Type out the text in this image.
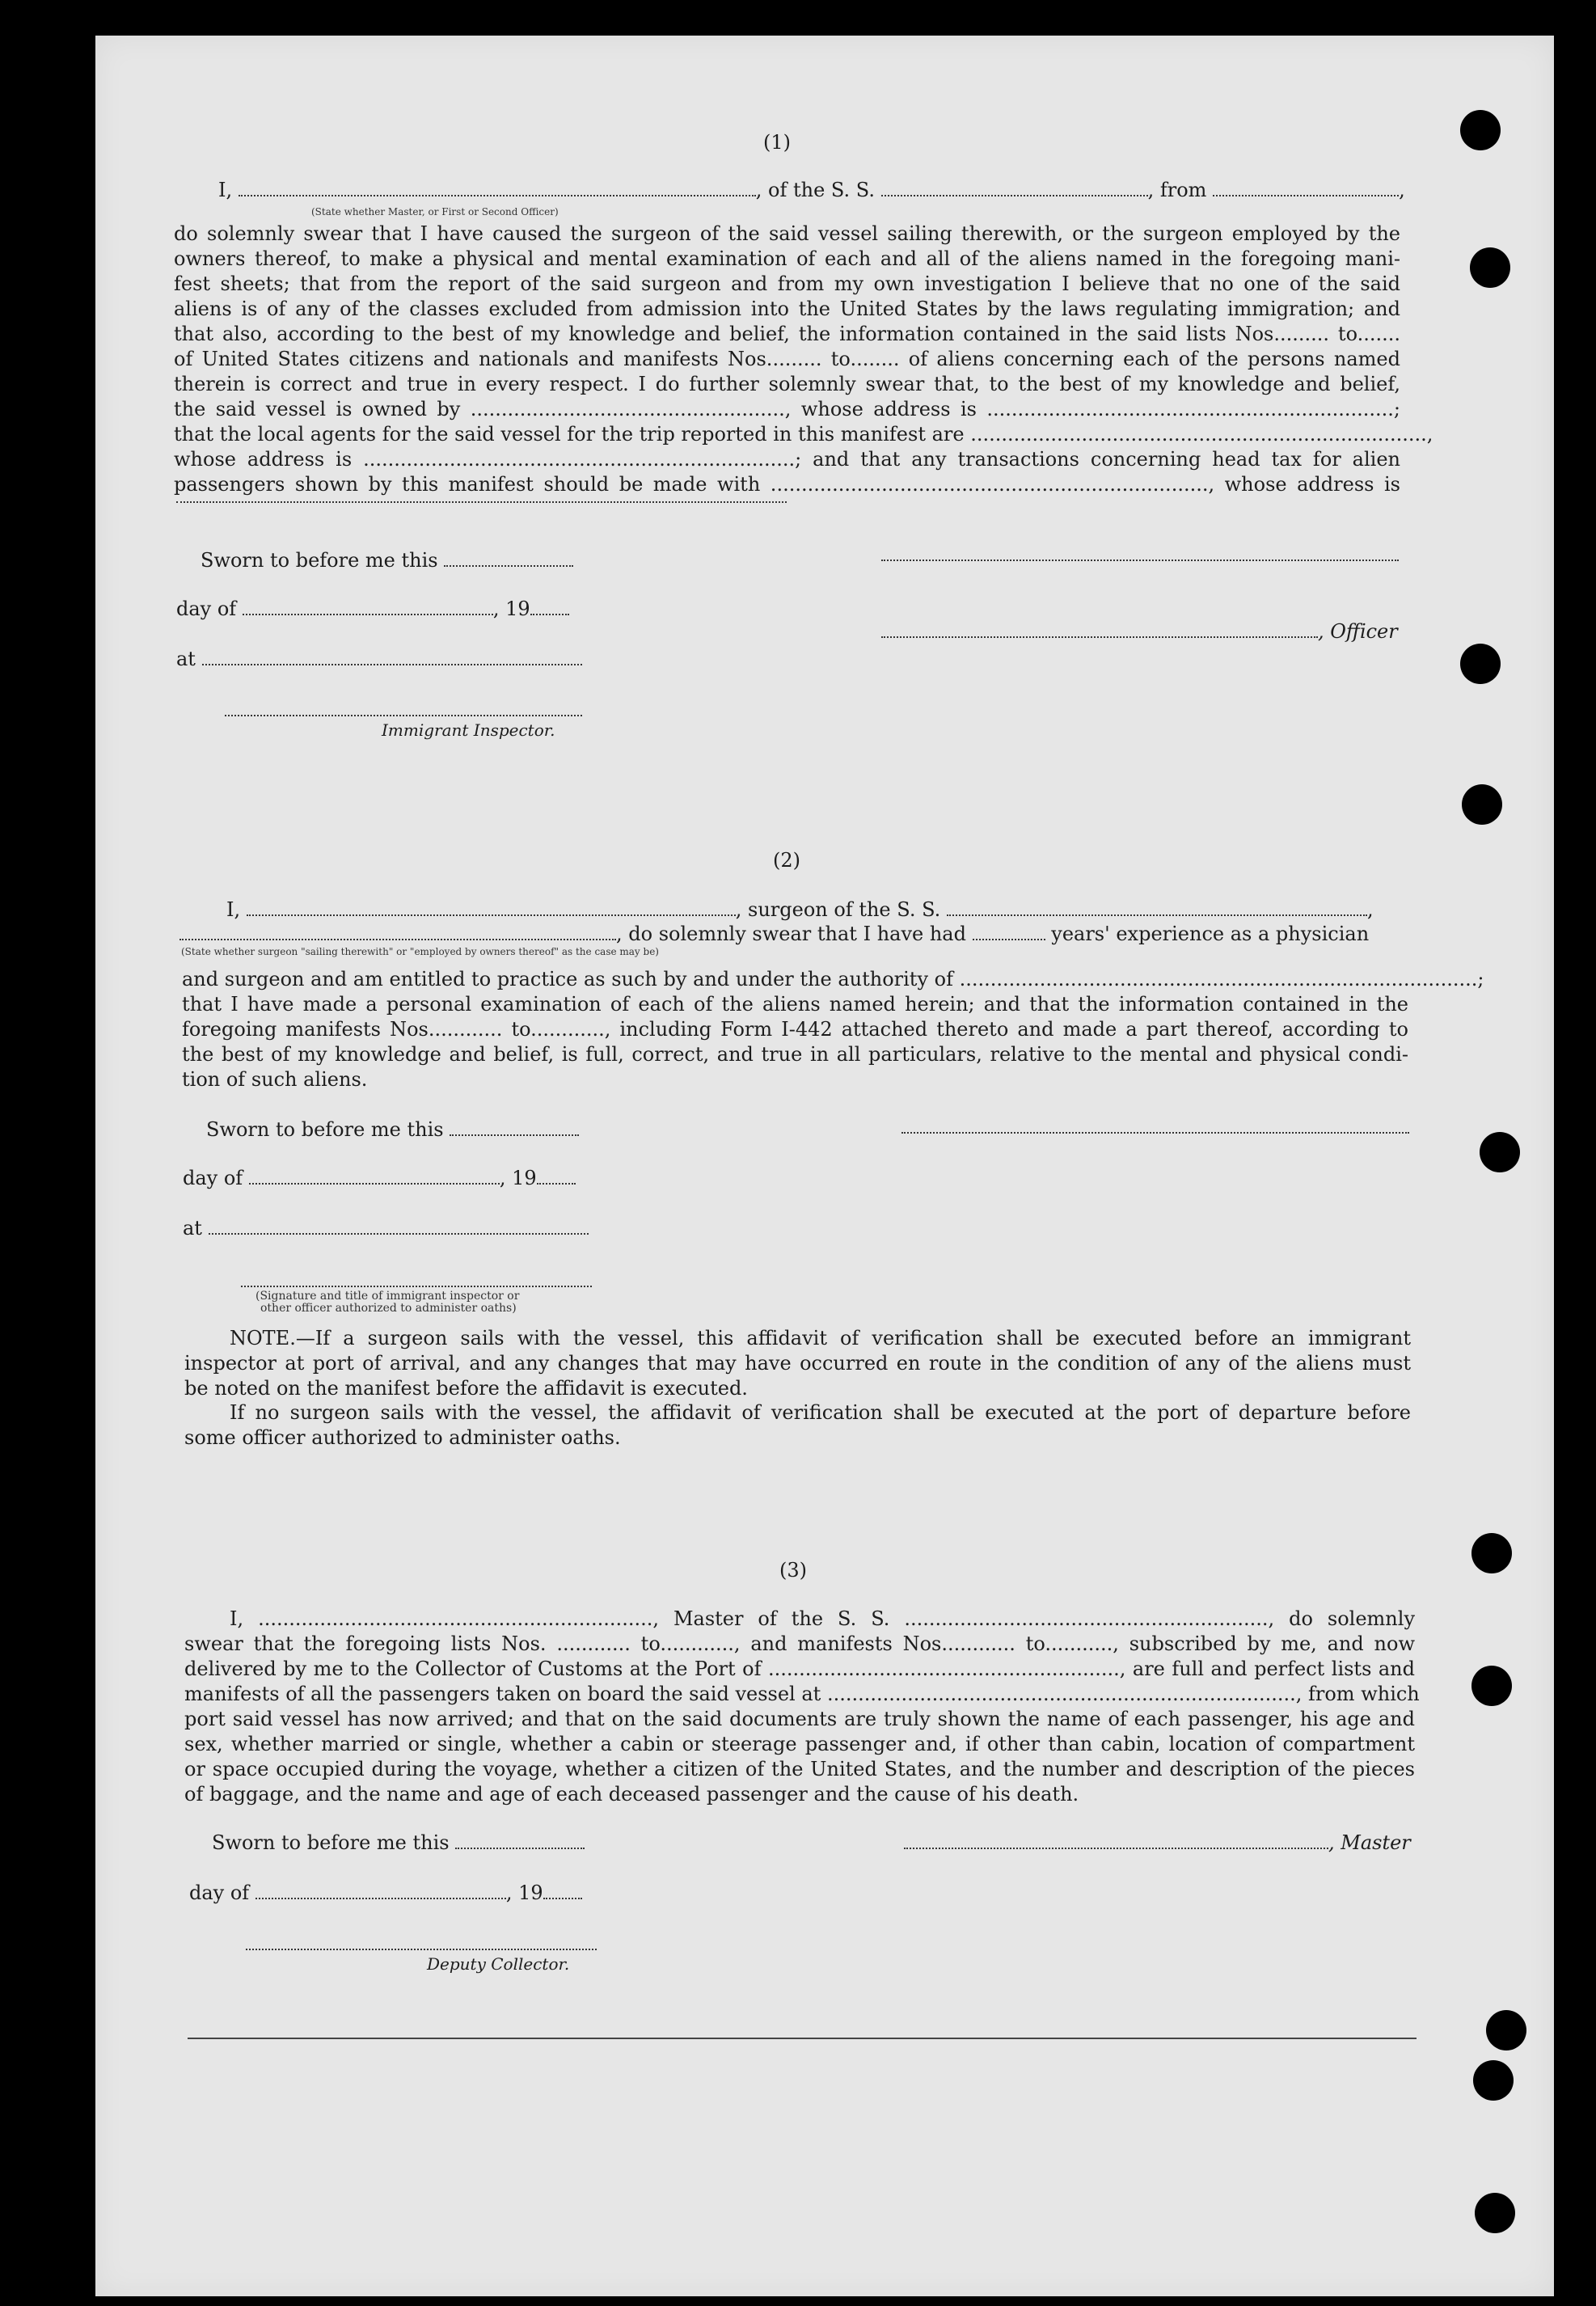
(1)
I,	, of the S. S.	, from	,
(State whether Master, or First or Second Officer)
do solemnly swear that I have caused the surgeon of the said vessel sailing therewith, or the surgeon employed by the
owners thereof, to make a physical and mental examination of each and all of the aliens named in the foregoing mani-
fest sheets; that from the report of the said surgeon and from my own investigation I believe that no one of the said
aliens is of any of the classes excluded from admission into the United States by the laws regulating immigration; and
that also, according to the best of my knowledge and belief, the information contained in the said lists Nos......... to.......
of United States citizens and nationals and manifests Nos......... to........ of aliens concerning each of the persons named
therein is correct and true in every respect. I do further solemnly swear that, to the best of my knowledge and belief,
the said vessel is owned by ..................................................., whose address is ..................................................................;
that the local agents for the said vessel for the trip reported in this manifest are ..........................................................................,
whose address is ......................................................................; and that any transactions concerning head tax for alien
passengers shown by this manifest should be made with ......................................................................., whose address is
Sworn to before me this
day of	, 19
, Officer
at
Immigrant Inspector.
(2)
I,	, surgeon of the S. S.	,
, do solemnly swear that I have had	years' experience as a physician
(State whether surgeon "sailing therewith" or "employed by owners thereof" as the case may be)
and surgeon and am entitled to practice as such by and under the authority of ....................................................................................;
that I have made a personal examination of each of the aliens named herein; and that the information contained in the
foregoing manifests Nos............ to............, including Form I-442 attached thereto and made a part thereof, according to
the best of my knowledge and belief, is full, correct, and true in all particulars, relative to the mental and physical condi-
tion of such aliens.
Sworn to before me this
day of	, 19
at
(Signature and title of immigrant inspector or
other officer authorized to administer oaths)
NOTE.—If a surgeon sails with the vessel, this affidavit of verification shall be executed before an immigrant
inspector at port of arrival, and any changes that may have occurred en route in the condition of any of the aliens must
be noted on the manifest before the affidavit is executed.
If no surgeon sails with the vessel, the affidavit of verification shall be executed at the port of departure before
some officer authorized to administer oaths.
(3)
I, ................................................................, Master of the S. S. ..........................................................., do solemnly
swear that the foregoing lists Nos. ............ to............, and manifests Nos............ to..........., subscribed by me, and now
delivered by me to the Collector of Customs at the Port of ........................................................., are full and perfect lists and
manifests of all the passengers taken on board the said vessel at ............................................................................, from which
port said vessel has now arrived; and that on the said documents are truly shown the name of each passenger, his age and
sex, whether married or single, whether a cabin or steerage passenger and, if other than cabin, location of compartment
or space occupied during the voyage, whether a citizen of the United States, and the number and description of the pieces
of baggage, and the name and age of each deceased passenger and the cause of his death.
Sworn to before me this	, Master
day of	, 19
Deputy Collector.
